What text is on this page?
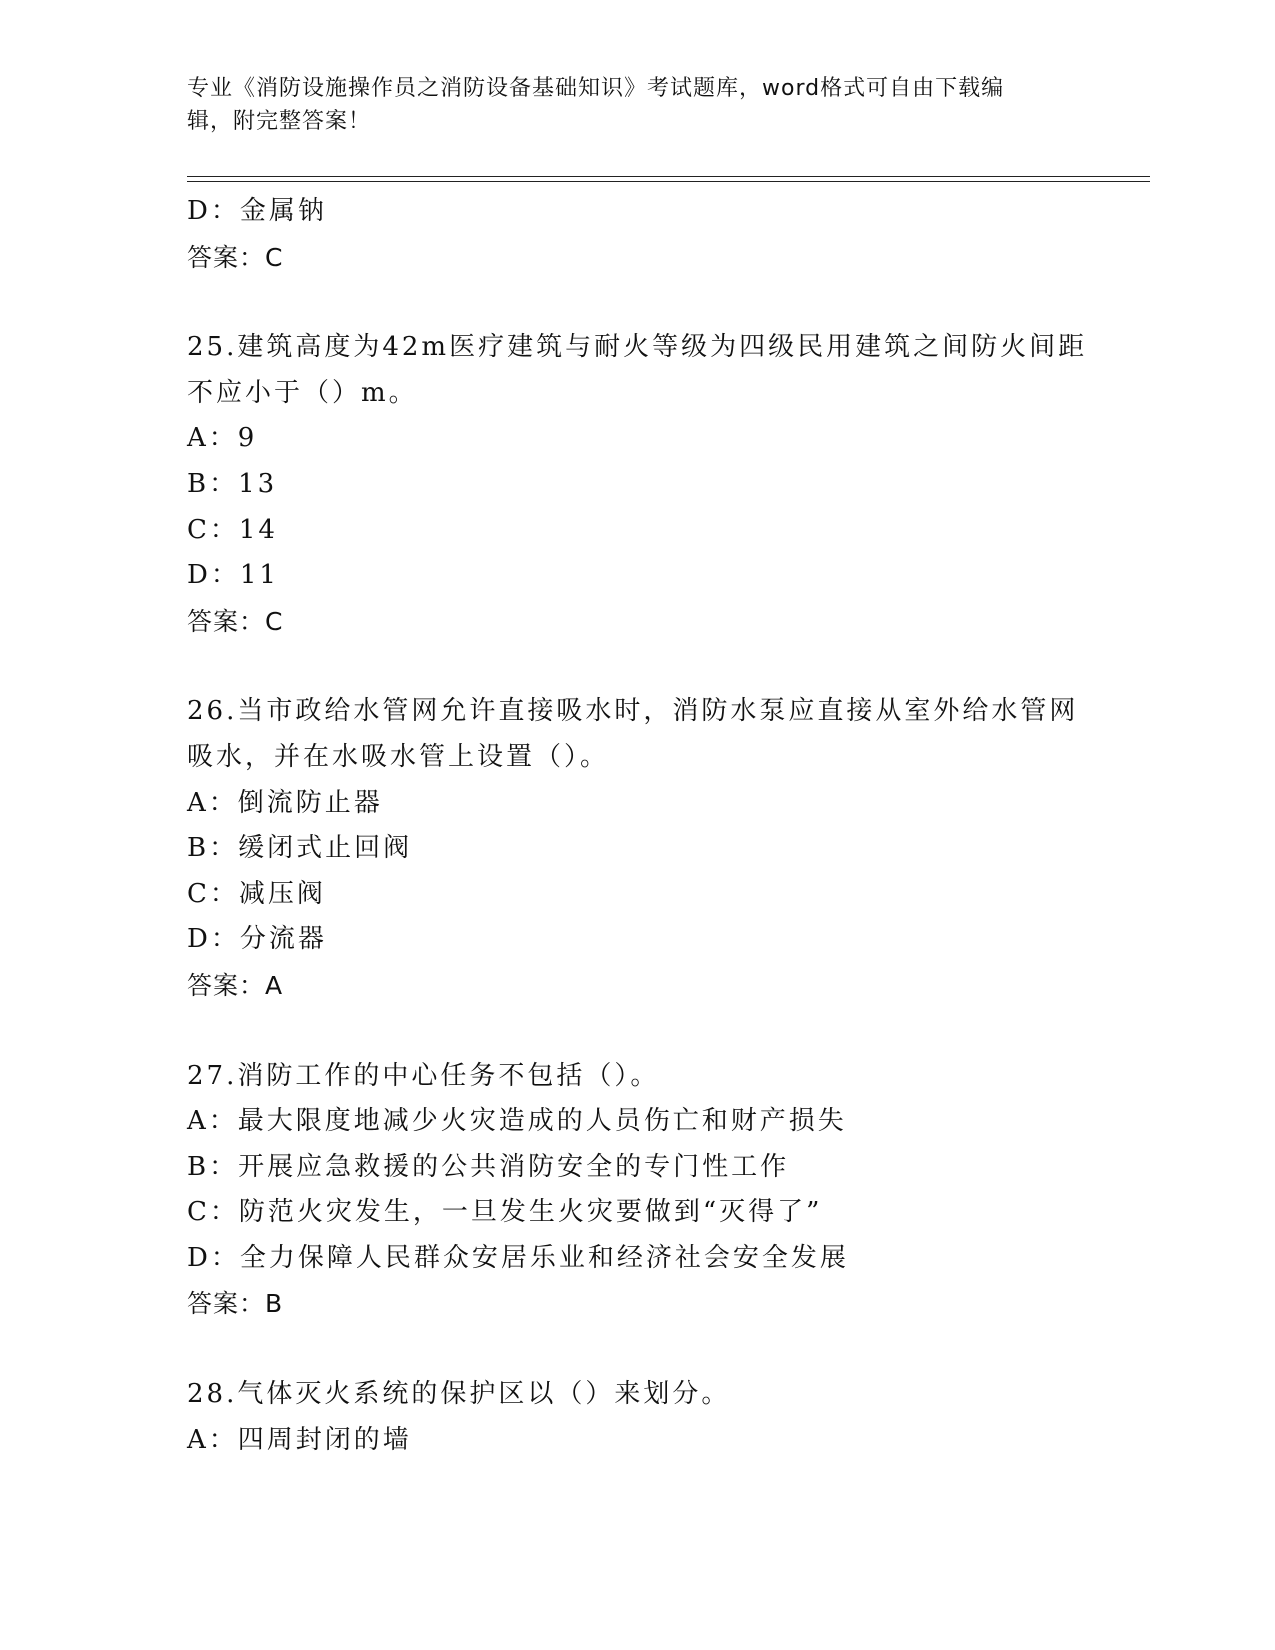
专业《消防设施操作员之消防设备基础知识》考试题库，word格式可自由下载编
辑，附完整答案！
D：金属钠
答案：C
25.建筑高度为42m医疗建筑与耐火等级为四级民用建筑之间防火间距
不应小于（）m。
A：9
B：13
C：14
D：11
答案：C
26.当市政给水管网允许直接吸水时，消防水泵应直接从室外给水管网
吸水，并在水吸水管上设置（）。
A：倒流防止器
B：缓闭式止回阀
C：减压阀
D：分流器
答案：A
27.消防工作的中心任务不包括（）。
A：最大限度地减少火灾造成的人员伤亡和财产损失
B：开展应急救援的公共消防安全的专门性工作
C：防范火灾发生，一旦发生火灾要做到“灭得了”
D：全力保障人民群众安居乐业和经济社会安全发展
答案：B
28.气体灭火系统的保护区以（）来划分。
A：四周封闭的墙
